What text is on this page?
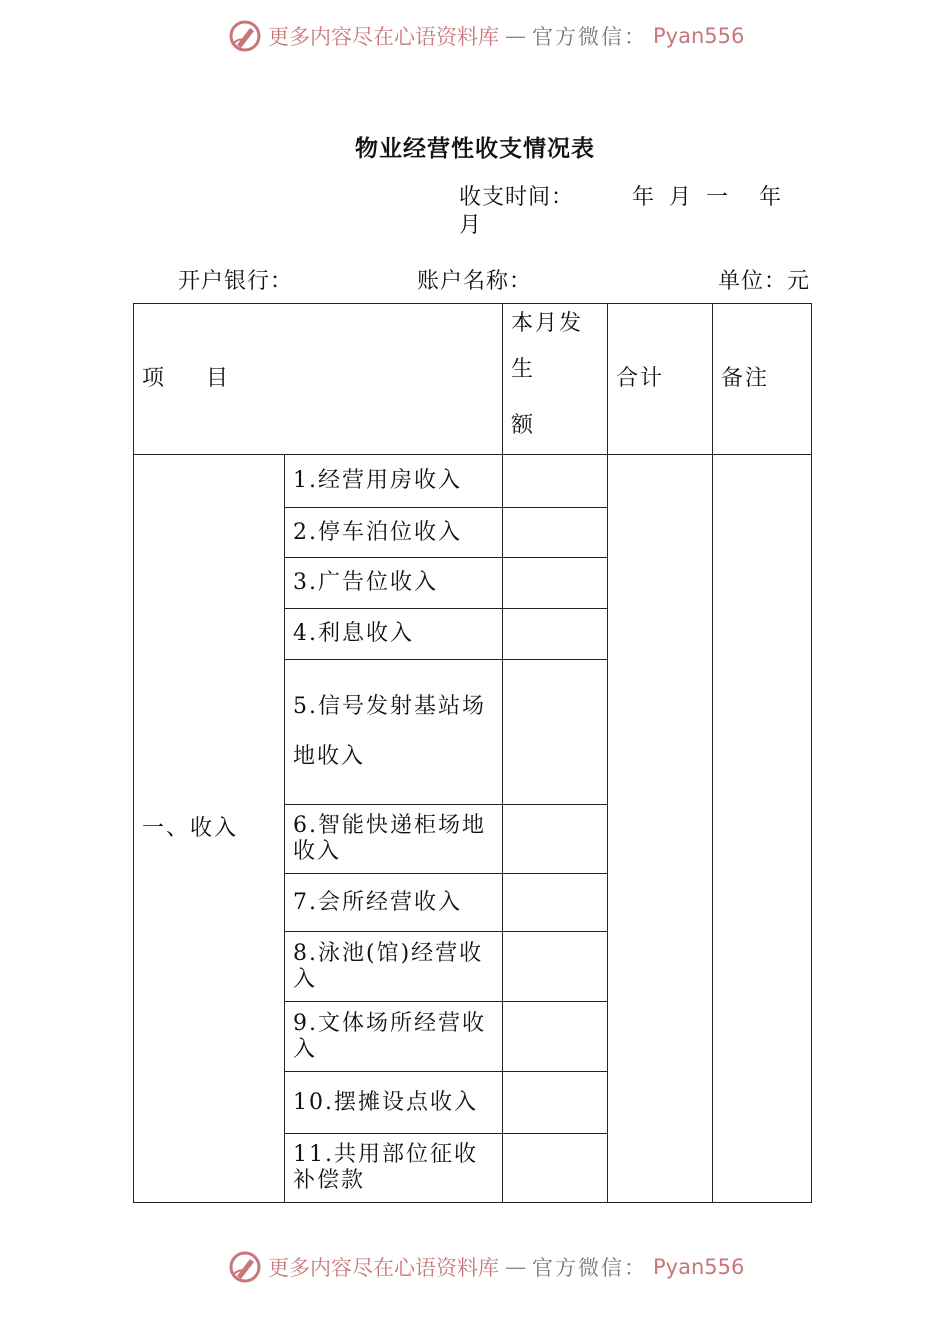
更多内容尽在心语资料库 — 官方微信： Pyan556
物业经营性收支情况表
收支时间：	年 月 一 年
月
开户银行：	账户名称：	单位：元
项 目		本月发
生
额	合计	备注
一、收入	1.经营用房收入			
	2.停车泊位收入			
	3.广告位收入			
	4.利息收入			
	5.信号发射基站场地收入			
	6.智能快递柜场地收入			
	7.会所经营收入			
	8.泳池(馆)经营收入			
	9.文体场所经营收入			
	10.摆摊设点收入			
	11.共用部位征收补偿款			
更多内容尽在心语资料库 — 官方微信： Pyan556
